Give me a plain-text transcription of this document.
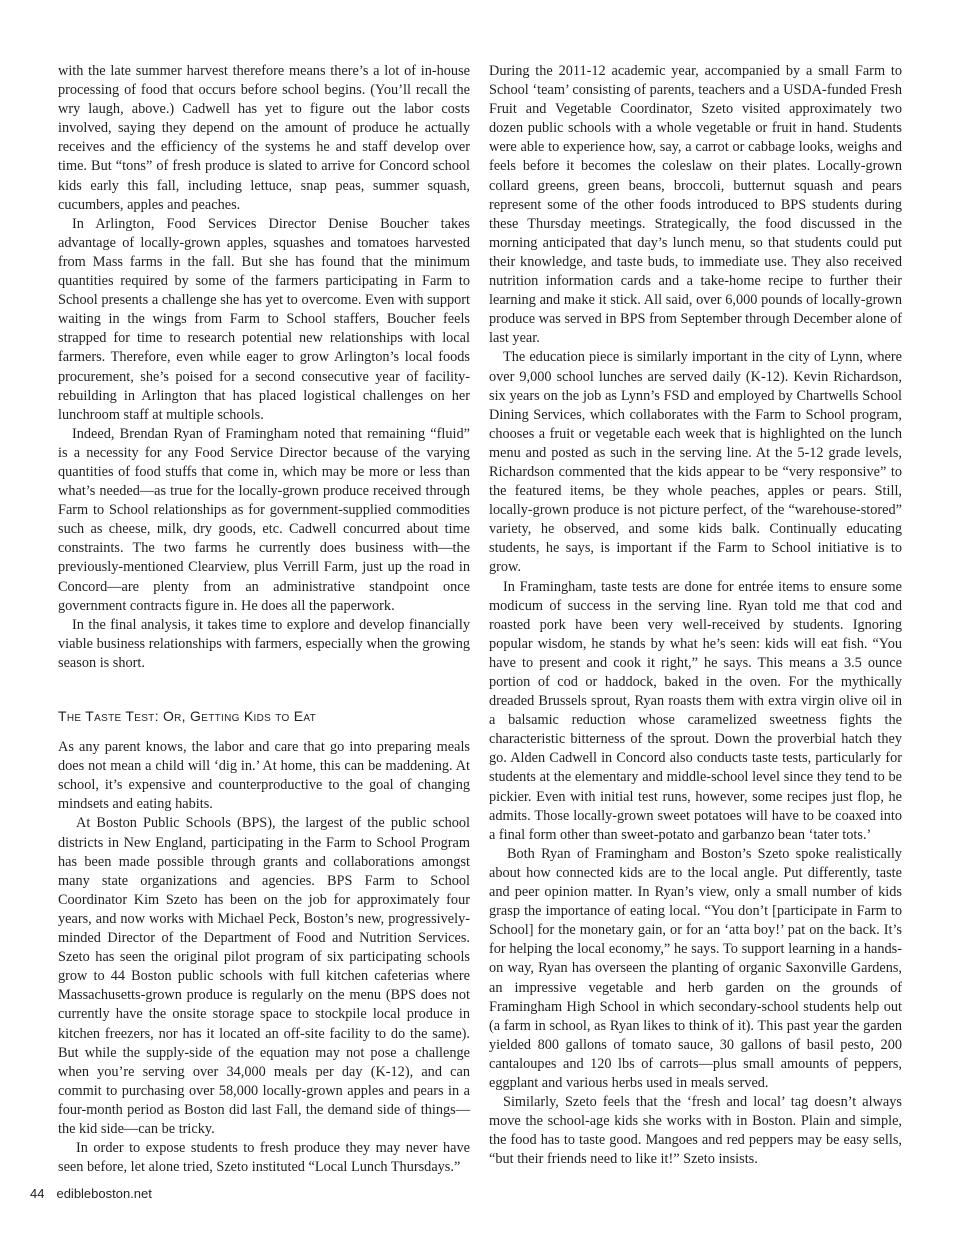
with the late summer harvest therefore means there’s a lot of in-house processing of food that occurs before school begins. (You’ll recall the wry laugh, above.) Cadwell has yet to figure out the labor costs involved, saying they depend on the amount of produce he actually receives and the efficiency of the systems he and staff develop over time. But “tons” of fresh produce is slated to arrive for Concord school kids early this fall, including lettuce, snap peas, summer squash, cucumbers, apples and peaches.

In Arlington, Food Services Director Denise Boucher takes advantage of locally-grown apples, squashes and tomatoes harvested from Mass farms in the fall. But she has found that the minimum quantities required by some of the farmers participating in Farm to School presents a challenge she has yet to overcome. Even with support waiting in the wings from Farm to School staffers, Boucher feels strapped for time to research potential new relationships with local farmers. Therefore, even while eager to grow Arlington’s local foods procurement, she’s poised for a second consecutive year of facility-rebuilding in Arlington that has placed logistical challenges on her lunchroom staff at multiple schools.

Indeed, Brendan Ryan of Framingham noted that remaining “fluid” is a necessity for any Food Service Director because of the varying quantities of food stuffs that come in, which may be more or less than what’s needed—as true for the locally-grown produce received through Farm to School relationships as for government-supplied commodities such as cheese, milk, dry goods, etc. Cadwell concurred about time constraints. The two farms he currently does business with—the previously-mentioned Clearview, plus Verrill Farm, just up the road in Concord—are plenty from an administrative standpoint once government contracts figure in. He does all the paperwork.

In the final analysis, it takes time to explore and develop financially viable business relationships with farmers, especially when the growing season is short.

The Taste Test: Or, Getting Kids to Eat

As any parent knows, the labor and care that go into preparing meals does not mean a child will ‘dig in.’ At home, this can be maddening. At school, it’s expensive and counterproductive to the goal of changing mindsets and eating habits.

At Boston Public Schools (BPS), the largest of the public school districts in New England, participating in the Farm to School Program has been made possible through grants and collaborations amongst many state organizations and agencies. BPS Farm to School Coordinator Kim Szeto has been on the job for approximately four years, and now works with Michael Peck, Boston’s new, progressively-minded Director of the Department of Food and Nutrition Services. Szeto has seen the original pilot program of six participating schools grow to 44 Boston public schools with full kitchen cafeterias where Massachusetts-grown produce is regularly on the menu (BPS does not currently have the onsite storage space to stockpile local produce in kitchen freezers, nor has it located an off-site facility to do the same). But while the supply-side of the equation may not pose a challenge when you’re serving over 34,000 meals per day (K-12), and can commit to purchasing over 58,000 locally-grown apples and pears in a four-month period as Boston did last Fall, the demand side of things—the kid side—can be tricky.

In order to expose students to fresh produce they may never have seen before, let alone tried, Szeto instituted “Local Lunch Thursdays.”

During the 2011-12 academic year, accompanied by a small Farm to School ‘team’ consisting of parents, teachers and a USDA-funded Fresh Fruit and Vegetable Coordinator, Szeto visited approximately two dozen public schools with a whole vegetable or fruit in hand. Students were able to experience how, say, a carrot or cabbage looks, weighs and feels before it becomes the coleslaw on their plates. Locally-grown collard greens, green beans, broccoli, butternut squash and pears represent some of the other foods introduced to BPS students during these Thursday meetings. Strategically, the food discussed in the morning anticipated that day’s lunch menu, so that students could put their knowledge, and taste buds, to immediate use. They also received nutrition information cards and a take-home recipe to further their learning and make it stick. All said, over 6,000 pounds of locally-grown produce was served in BPS from September through December alone of last year.

The education piece is similarly important in the city of Lynn, where over 9,000 school lunches are served daily (K-12). Kevin Richardson, six years on the job as Lynn’s FSD and employed by Chartwells School Dining Services, which collaborates with the Farm to School program, chooses a fruit or vegetable each week that is highlighted on the lunch menu and posted as such in the serving line. At the 5-12 grade levels, Richardson commented that the kids appear to be “very responsive” to the featured items, be they whole peaches, apples or pears. Still, locally-grown produce is not picture perfect, of the “warehouse-stored” variety, he observed, and some kids balk. Continually educating students, he says, is important if the Farm to School initiative is to grow.

In Framingham, taste tests are done for entrée items to ensure some modicum of success in the serving line. Ryan told me that cod and roasted pork have been very well-received by students. Ignoring popular wisdom, he stands by what he’s seen: kids will eat fish. “You have to present and cook it right,” he says. This means a 3.5 ounce portion of cod or haddock, baked in the oven. For the mythically dreaded Brussels sprout, Ryan roasts them with extra virgin olive oil in a balsamic reduction whose caramelized sweetness fights the characteristic bitterness of the sprout. Down the proverbial hatch they go. Alden Cadwell in Concord also conducts taste tests, particularly for students at the elementary and middle-school level since they tend to be pickier. Even with initial test runs, however, some recipes just flop, he admits. Those locally-grown sweet potatoes will have to be coaxed into a final form other than sweet-potato and garbanzo bean ‘tater tots.’

Both Ryan of Framingham and Boston’s Szeto spoke realistically about how connected kids are to the local angle. Put differently, taste and peer opinion matter. In Ryan’s view, only a small number of kids grasp the importance of eating local. “You don’t [participate in Farm to School] for the monetary gain, or for an ‘atta boy!’ pat on the back. It’s for helping the local economy,” he says. To support learning in a hands-on way, Ryan has overseen the planting of organic Saxonville Gardens, an impressive vegetable and herb garden on the grounds of Framingham High School in which secondary-school students help out (a farm in school, as Ryan likes to think of it). This past year the garden yielded 800 gallons of tomato sauce, 30 gallons of basil pesto, 200 cantaloupes and 120 lbs of carrots—plus small amounts of peppers, eggplant and various herbs used in meals served.

Similarly, Szeto feels that the ‘fresh and local’ tag doesn’t always move the school-age kids she works with in Boston. Plain and simple, the food has to taste good. Mangoes and red peppers may be easy sells, “but their friends need to like it!” Szeto insists.

44 edibleboston.net
